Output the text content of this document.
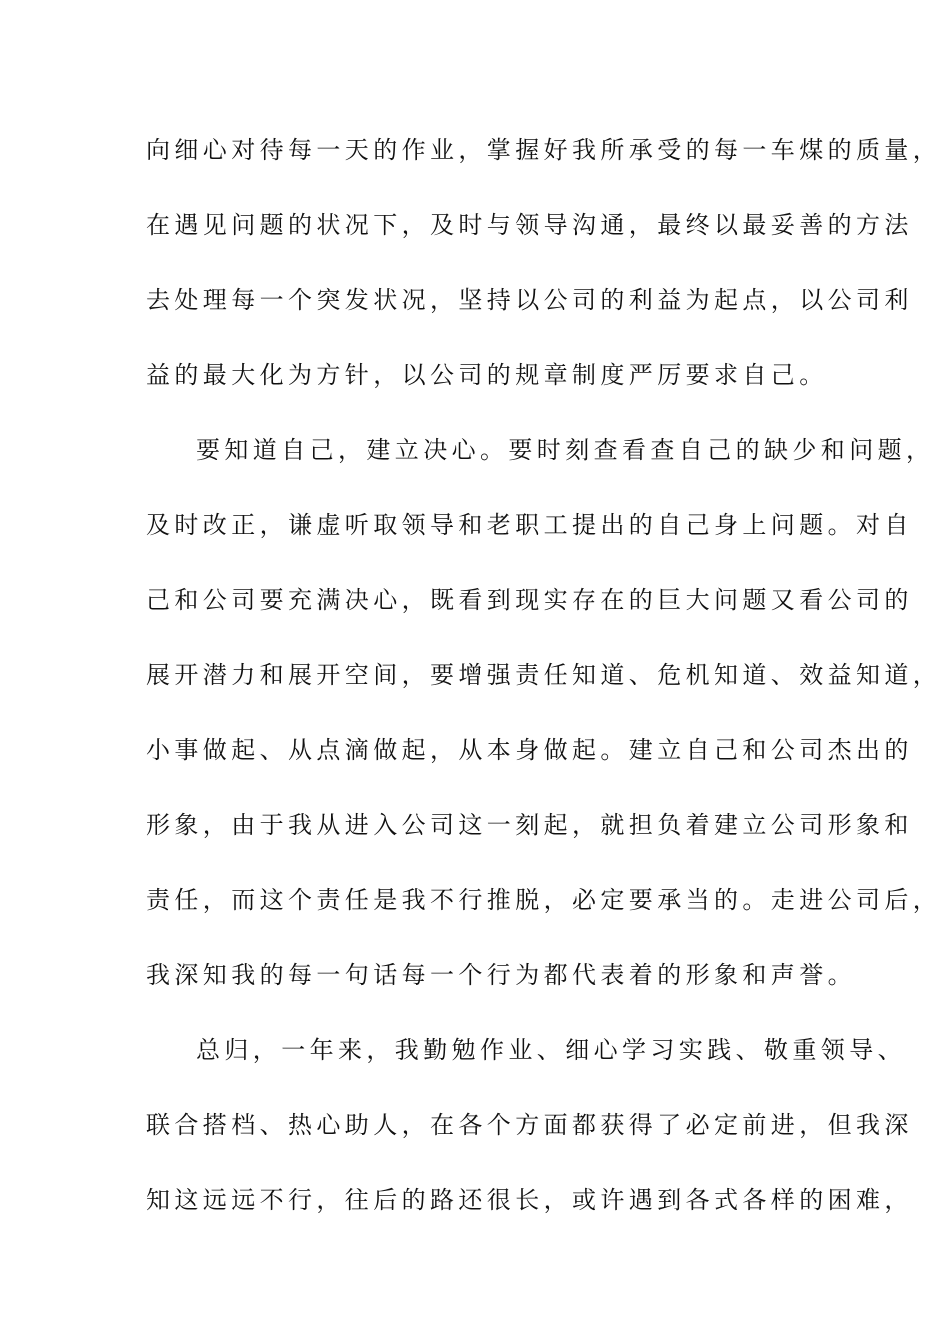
向细心对待每一天的作业，掌握好我所承受的每一车煤的质量，
在遇见问题的状况下，及时与领导沟通，最终以最妥善的方法
去处理每一个突发状况，坚持以公司的利益为起点，以公司利
益的最大化为方针，以公司的规章制度严厉要求自己。
要知道自己，建立决心。要时刻查看查自己的缺少和问题，
及时改正，谦虚听取领导和老职工提出的自己身上问题。对自
己和公司要充满决心，既看到现实存在的巨大问题又看公司的
展开潜力和展开空间，要增强责任知道、危机知道、效益知道，
小事做起、从点滴做起，从本身做起。建立自己和公司杰出的
形象，由于我从进入公司这一刻起，就担负着建立公司形象和
责任，而这个责任是我不行推脱，必定要承当的。走进公司后，
我深知我的每一句话每一个行为都代表着的形象和声誉。
总归，一年来，我勤勉作业、细心学习实践、敬重领导、
联合搭档、热心助人，在各个方面都获得了必定前进，但我深
知这远远不行，往后的路还很长，或许遇到各式各样的困难，
